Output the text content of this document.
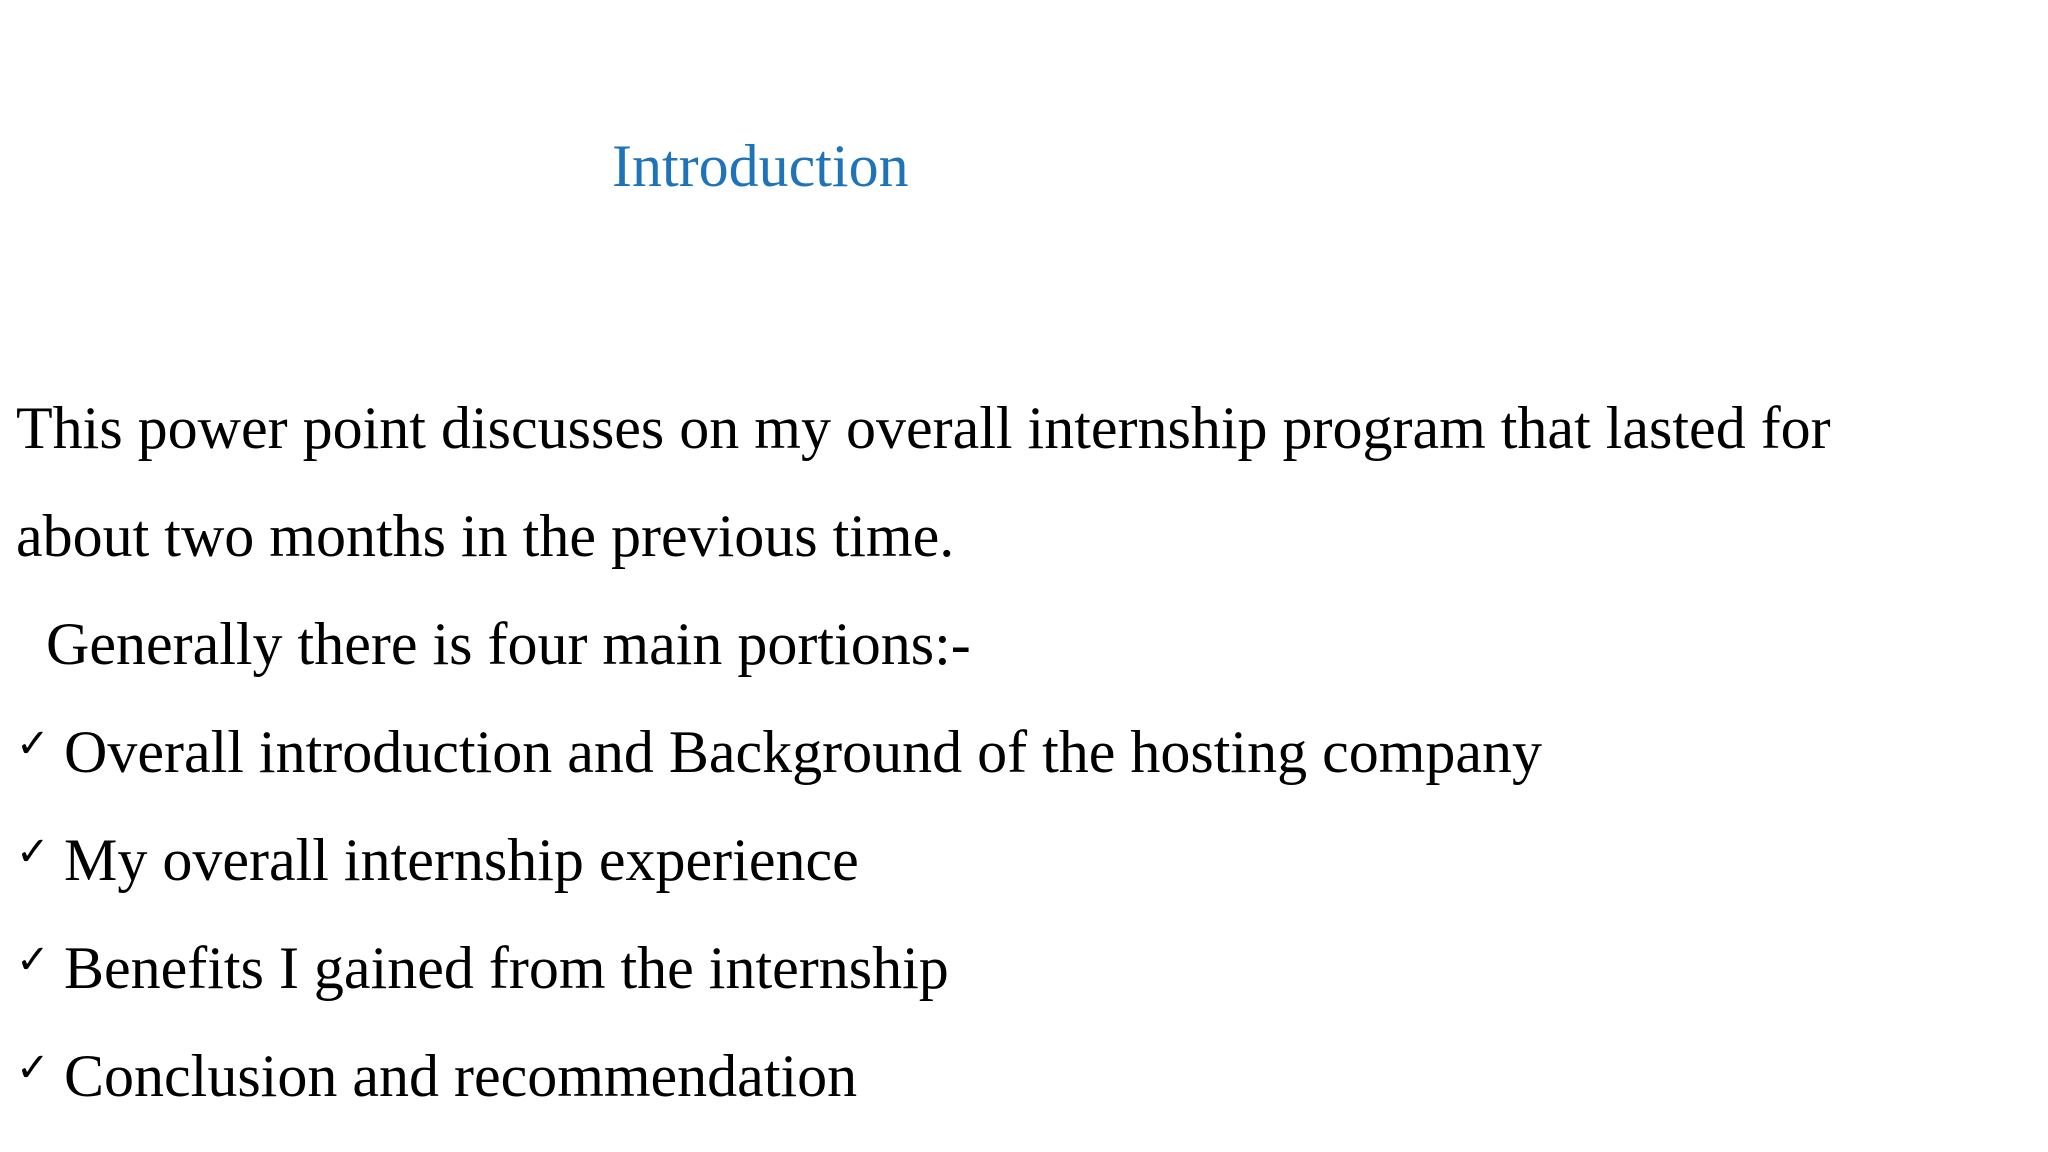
Introduction
This power point discusses on my overall internship program that lasted for
about two months in the previous time.
Generally there is four main portions:-
✓ Overall introduction and Background of the hosting company
✓ My overall internship experience
✓ Benefits I gained from the internship
✓ Conclusion and recommendation
